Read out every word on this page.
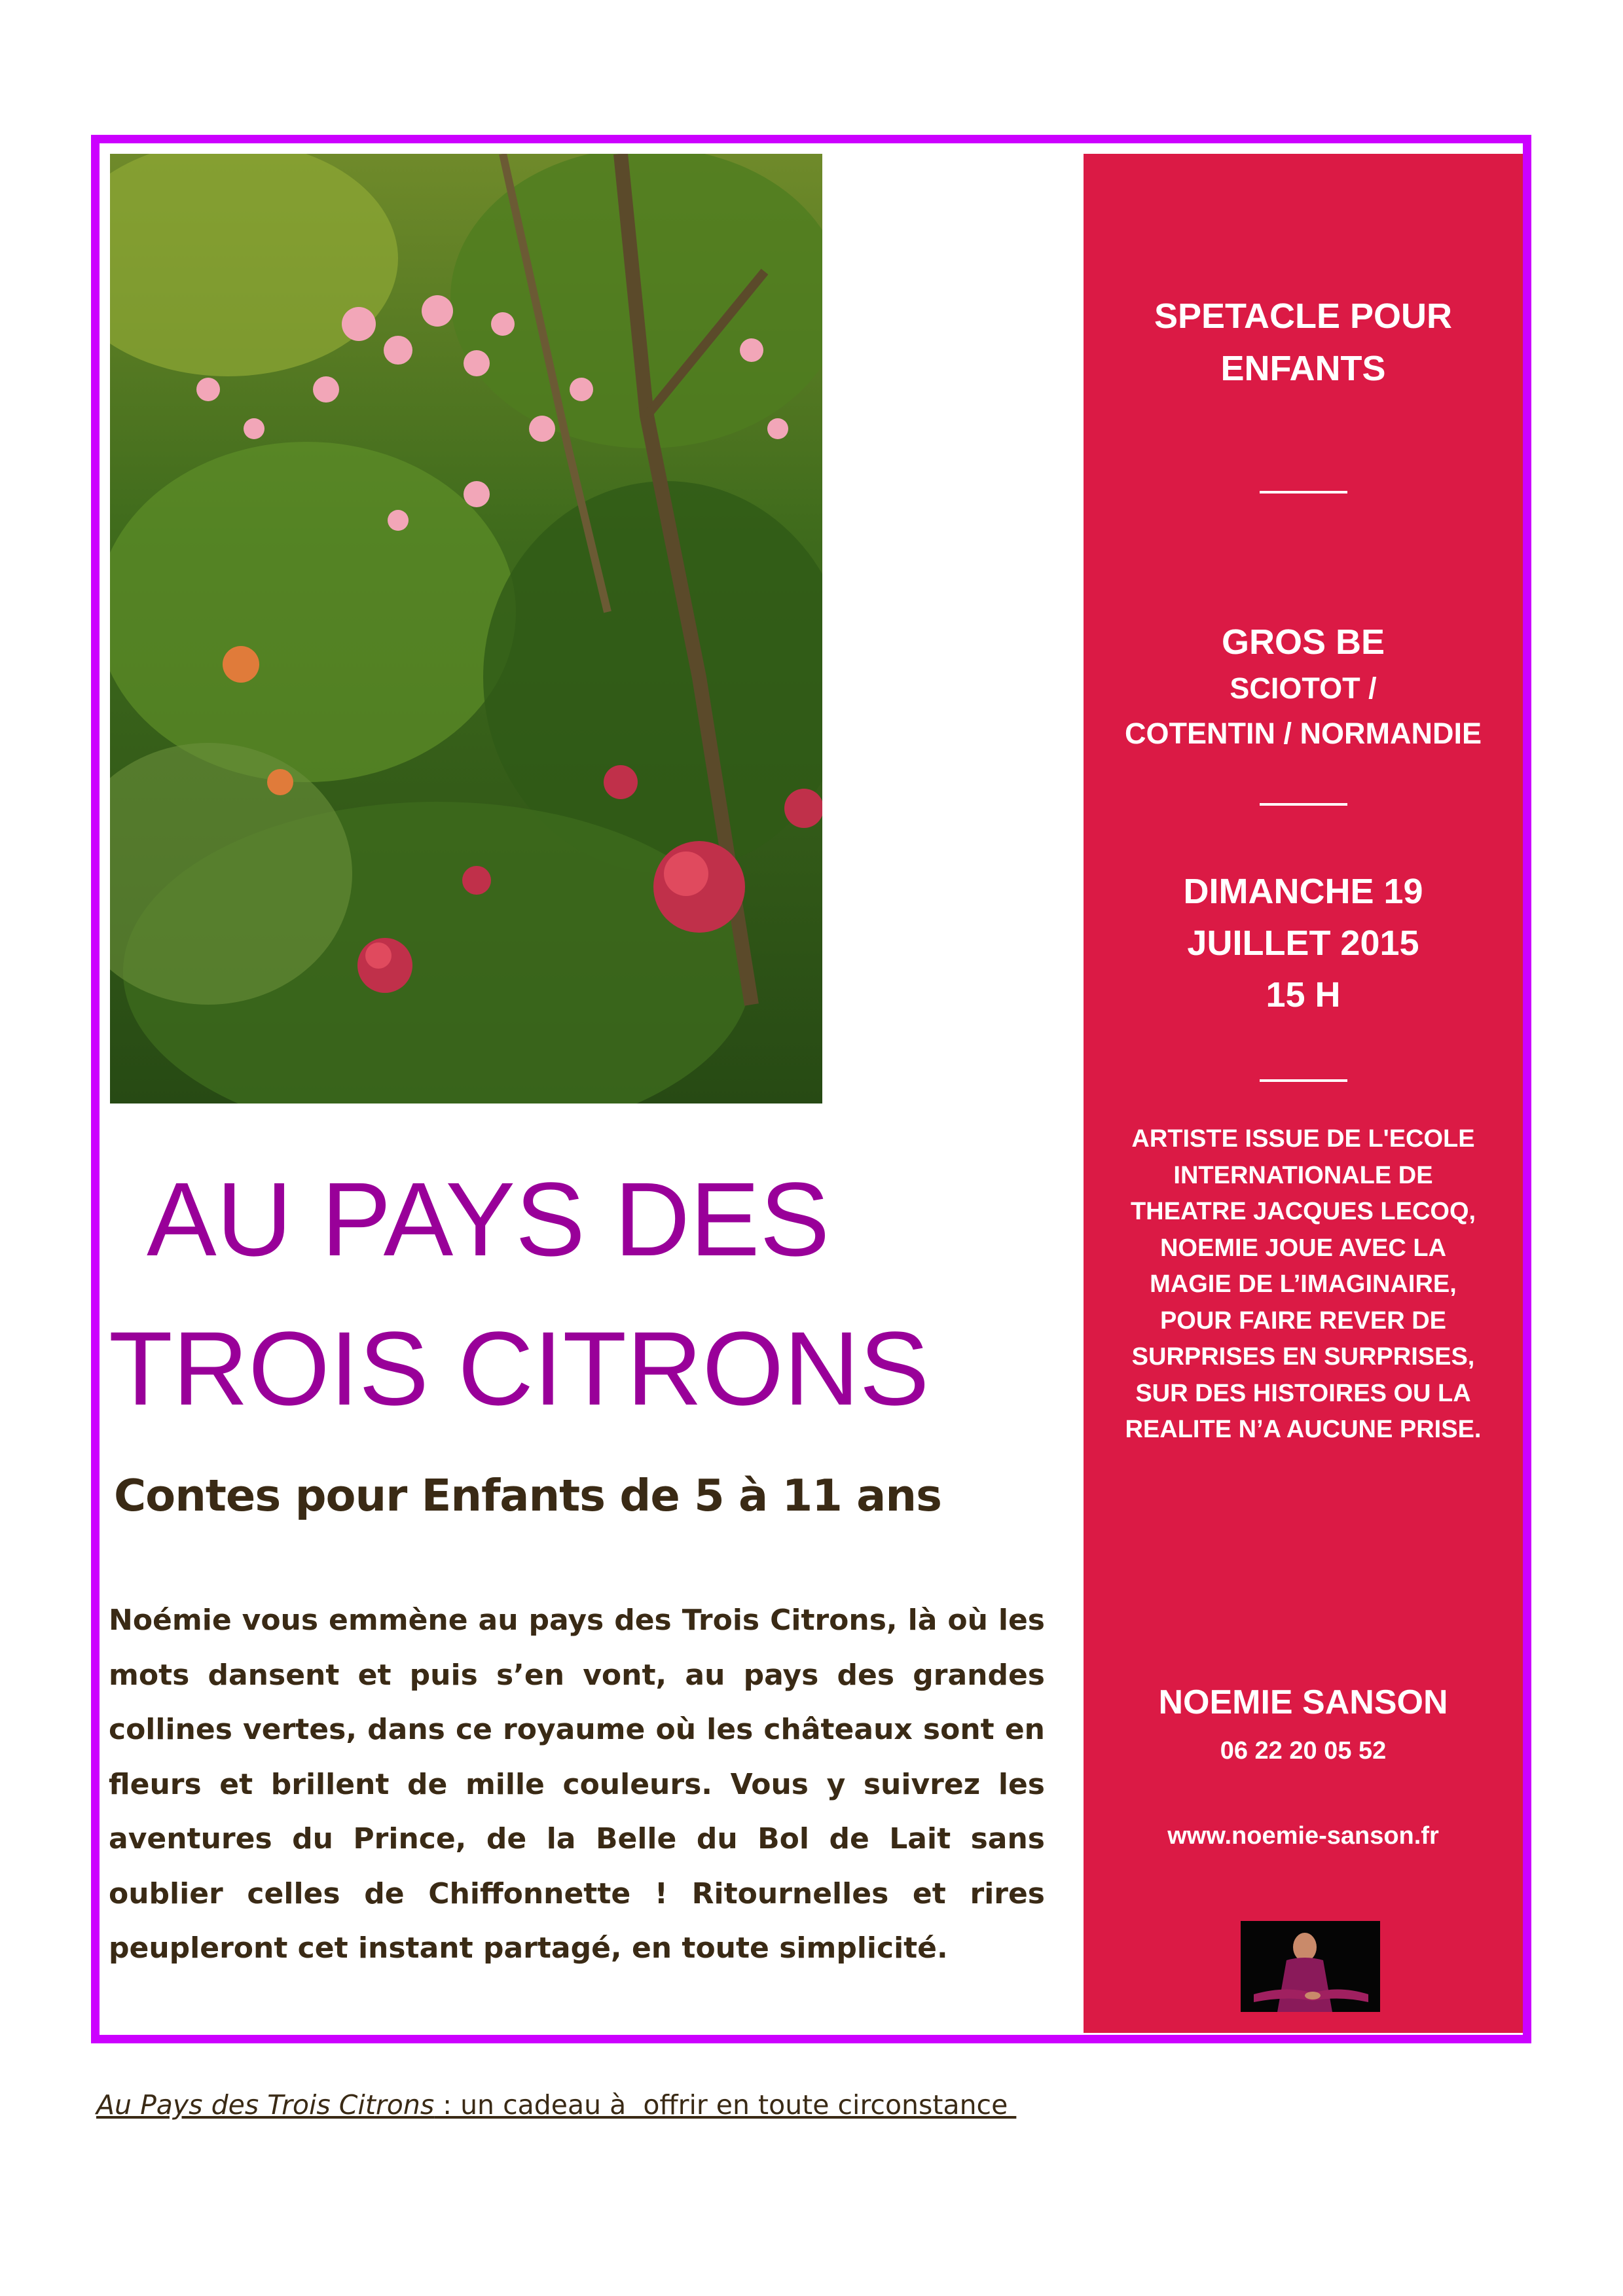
AU PAYS DES
TROIS CITRONS
Contes pour Enfants de 5 à 11 ans
Noémie vous emmène au pays des Trois Citrons, là où les mots dansent et puis s’en vont, au pays des grandes collines vertes, dans ce royaume où les châteaux sont en fleurs et brillent de mille couleurs. Vous y suivrez les aventures du Prince, de la Belle du Bol de Lait sans oublier celles de Chiffonnette ! Ritournelles et rires peupleront cet instant partagé, en toute simplicité.
SPETACLE POUR
ENFANTS
GROS BE
SCIOTOT /
COTENTIN / NORMANDIE
DIMANCHE 19
JUILLET 2015
15 H
ARTISTE ISSUE DE L'ECOLE
INTERNATIONALE DE
THEATRE JACQUES LECOQ,
NOEMIE JOUE AVEC LA
MAGIE DE L’IMAGINAIRE,
POUR FAIRE REVER DE
SURPRISES EN SURPRISES,
SUR DES HISTOIRES OU LA
REALITE N’A AUCUNE PRISE.
NOEMIE SANSON
06 22 20 05 52
www.noemie-sanson.fr
Au Pays des Trois Citrons : un cadeau à  offrir en toute circonstance
